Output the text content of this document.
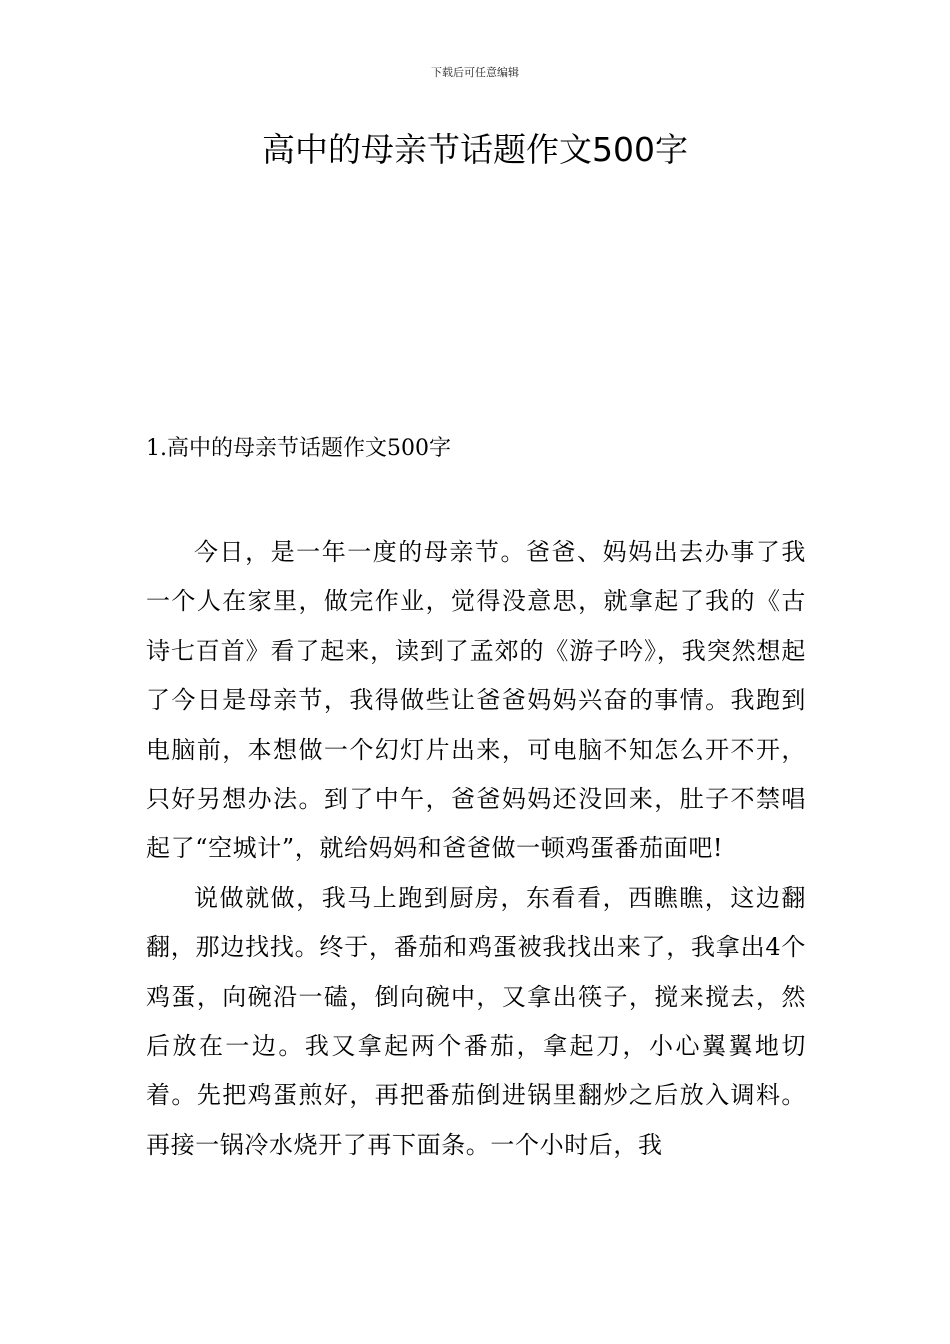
下载后可任意编辑
高中的母亲节话题作文500字
1.高中的母亲节话题作文500字

今日，是一年一度的母亲节。爸爸、妈妈出去办事了我一个人在家里，做完作业，觉得没意思，就拿起了我的《古诗七百首》看了起来，读到了孟郊的《游子吟》，我突然想起了今日是母亲节，我得做些让爸爸妈妈兴奋的事情。我跑到电脑前，本想做一个幻灯片出来，可电脑不知怎么开不开，只好另想办法。到了中午，爸爸妈妈还没回来，肚子不禁唱起了“空城计”，就给妈妈和爸爸做一顿鸡蛋番茄面吧!

说做就做，我马上跑到厨房，东看看，西瞧瞧，这边翻翻，那边找找。终于，番茄和鸡蛋被我找出来了，我拿出4个鸡蛋，向碗沿一磕，倒向碗中，又拿出筷子，搅来搅去，然后放在一边。我又拿起两个番茄，拿起刀，小心翼翼地切着。先把鸡蛋煎好，再把番茄倒进锅里翻炒之后放入调料。再接一锅冷水烧开了再下面条。一个小时后，我
